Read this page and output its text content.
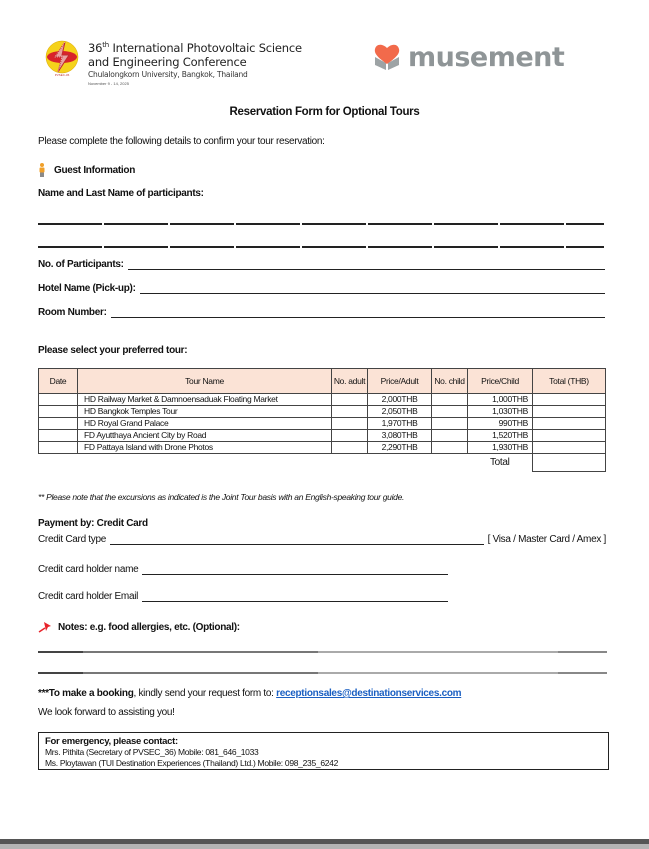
PVSEC-36
36th International Photovoltaic Science
and Engineering Conference
Chulalongkorn University, Bangkok, Thailand
November 9 - 14, 2025
musement
Reservation Form for Optional Tours
Please complete the following details to confirm your tour reservation:
Guest Information
Name and Last Name of participants:
No. of Participants:
Hotel Name (Pick-up):
Room Number:
Please select your preferred tour:
Date	Tour Name	No. adult	Price/Adult	No. child	Price/Child	Total (THB)
	HD Railway Market & Damnoensaduak Floating Market		2,000THB		1,000THB	
	HD Bangkok Temples Tour		2,050THB		1,030THB	
	HD Royal Grand Palace		1,970THB		990THB	
	FD Ayutthaya Ancient City by Road		3,080THB		1,520THB	
	FD Pattaya Island with Drone Photos		2,290THB		1,930THB	
					Total	
** Please note that the excursions as indicated is the Joint Tour basis with an English-speaking tour guide.
Payment by: Credit Card
Credit Card type	[ Visa / Master Card / Amex ]
Credit card holder name
Credit card holder Email
Notes: e.g. food allergies, etc. (Optional):
***To make a booking, kindly send your request form to: receptionsales@destinationservices.com
We look forward to assisting you!
For emergency, please contact:
Mrs. Pithita (Secretary of PVSEC_36) Mobile: 081_646_1033
Ms. Ploytawan (TUI Destination Experiences (Thailand) Ltd.) Mobile: 098_235_6242
